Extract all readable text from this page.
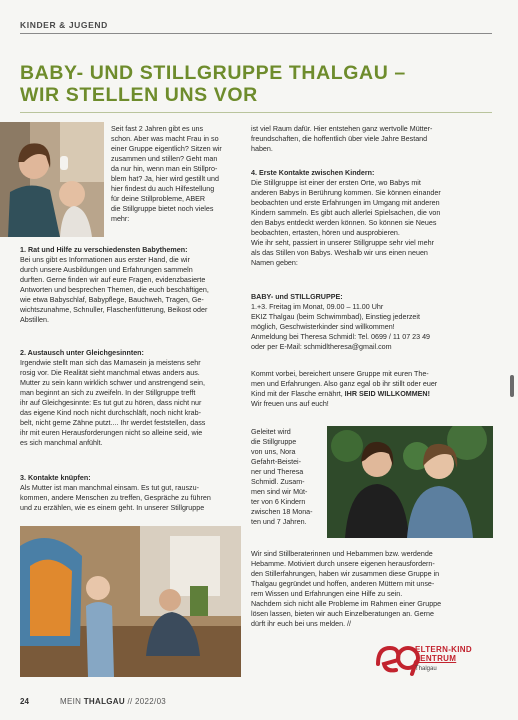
KINDER & JUGEND
BABY- UND STILLGRUPPE THALGAU –
WIR STELLEN UNS VOR
Seit fast 2 Jahren gibt es uns
schon. Aber was macht Frau in so
einer Gruppe eigentlich? Sitzen wir
zusammen und stillen? Geht man
da nur hin, wenn man ein Stillpro-
blem hat? Ja, hier wird gestillt und
hier findest du auch Hilfestellung
für deine Stillprobleme, ABER
die Stillgruppe bietet noch vieles
mehr:
1. Rat und Hilfe zu verschiedensten Babythemen:
Bei uns gibt es Informationen aus erster Hand, die wir
durch unsere Ausbildungen und Erfahrungen sammeln
durften. Gerne finden wir auf eure Fragen, evidenzbasierte
Antworten und besprechen Themen, die euch beschäftigen,
wie etwa Babyschlaf, Babypflege, Bauchweh, Tragen, Ge-
wichtszunahme, Schnuller, Flaschenfütterung, Beikost oder
Abstillen.
2. Austausch unter Gleichgesinnten:
Irgendwie stellt man sich das Mamasein ja meistens sehr
rosig vor. Die Realität sieht manchmal etwas anders aus.
Mutter zu sein kann wirklich schwer und anstrengend sein,
man beginnt an sich zu zweifeln. In der Stillgruppe trefft
ihr auf Gleichgesinnte: Es tut gut zu hören, dass nicht nur
das eigene Kind noch nicht durchschläft, noch nicht krab-
belt, nicht gerne Zähne putzt.... Ihr werdet feststellen, dass
ihr mit euren Herausforderungen nicht so alleine seid, wie
es sich manchmal anfühlt.
3. Kontakte knüpfen:
Als Mutter ist man manchmal einsam. Es tut gut, rauszu-
kommen, andere Menschen zu treffen, Gespräche zu führen
und zu erzählen, wie es einem geht. In unserer Stillgruppe
ist viel Raum dafür. Hier entstehen ganz wertvolle Mütter-
freundschaften, die hoffentlich über viele Jahre Bestand
haben.
4. Erste Kontakte zwischen Kindern:
Die Stillgruppe ist einer der ersten Orte, wo Babys mit
anderen Babys in Berührung kommen. Sie können einander
beobachten und erste Erfahrungen im Umgang mit anderen
Kindern sammeln. Es gibt auch allerlei Spielsachen, die von
den Babys entdeckt werden können. So können sie Neues
beobachten, ertasten, hören und ausprobieren.
Wie ihr seht, passiert in unserer Stillgruppe sehr viel mehr
als das Stillen von Babys. Weshalb wir uns einen neuen
Namen geben:
BABY- und STILLGRUPPE:
1.+3. Freitag im Monat, 09.00 – 11.00 Uhr
EKIZ Thalgau (beim Schwimmbad), Einstieg jederzeit
möglich, Geschwisterkinder sind willkommen!
Anmeldung bei Theresa Schmidl: Tel. 0699 / 11 07 23 49
oder per E-Mail: schmidltheresa@gmail.com
Kommt vorbei, bereichert unsere Gruppe mit euren The-
men und Erfahrungen. Also ganz egal ob ihr stillt oder euer
Kind mit der Flasche ernährt, IHR SEID WILLKOMMEN!
Wir freuen uns auf euch!
Geleitet wird
die Stillgruppe
von uns, Nora
Gefahrt-Beistei-
ner und Theresa
Schmidl. Zusam-
men sind wir Müt-
ter von 6 Kindern
zwischen 18 Mona-
ten und 7 Jahren.
Wir sind Stillberaterinnen und Hebammen bzw. werdende
Hebamme. Motiviert durch unsere eigenen herausfordern-
den Stillerfahrungen, haben wir zusammen diese Gruppe in
Thalgau gegründet und hoffen, anderen Müttern mit unse-
rem Wissen und Erfahrungen eine Hilfe zu sein.
Nachdem sich nicht alle Probleme im Rahmen einer Gruppe
lösen lassen, bieten wir auch Einzelberatungen an. Gerne
dürft ihr euch bei uns melden. //
ELTERN-KIND
ZENTRUM
Thalgau
24	MEIN THALGAU // 2022/03
